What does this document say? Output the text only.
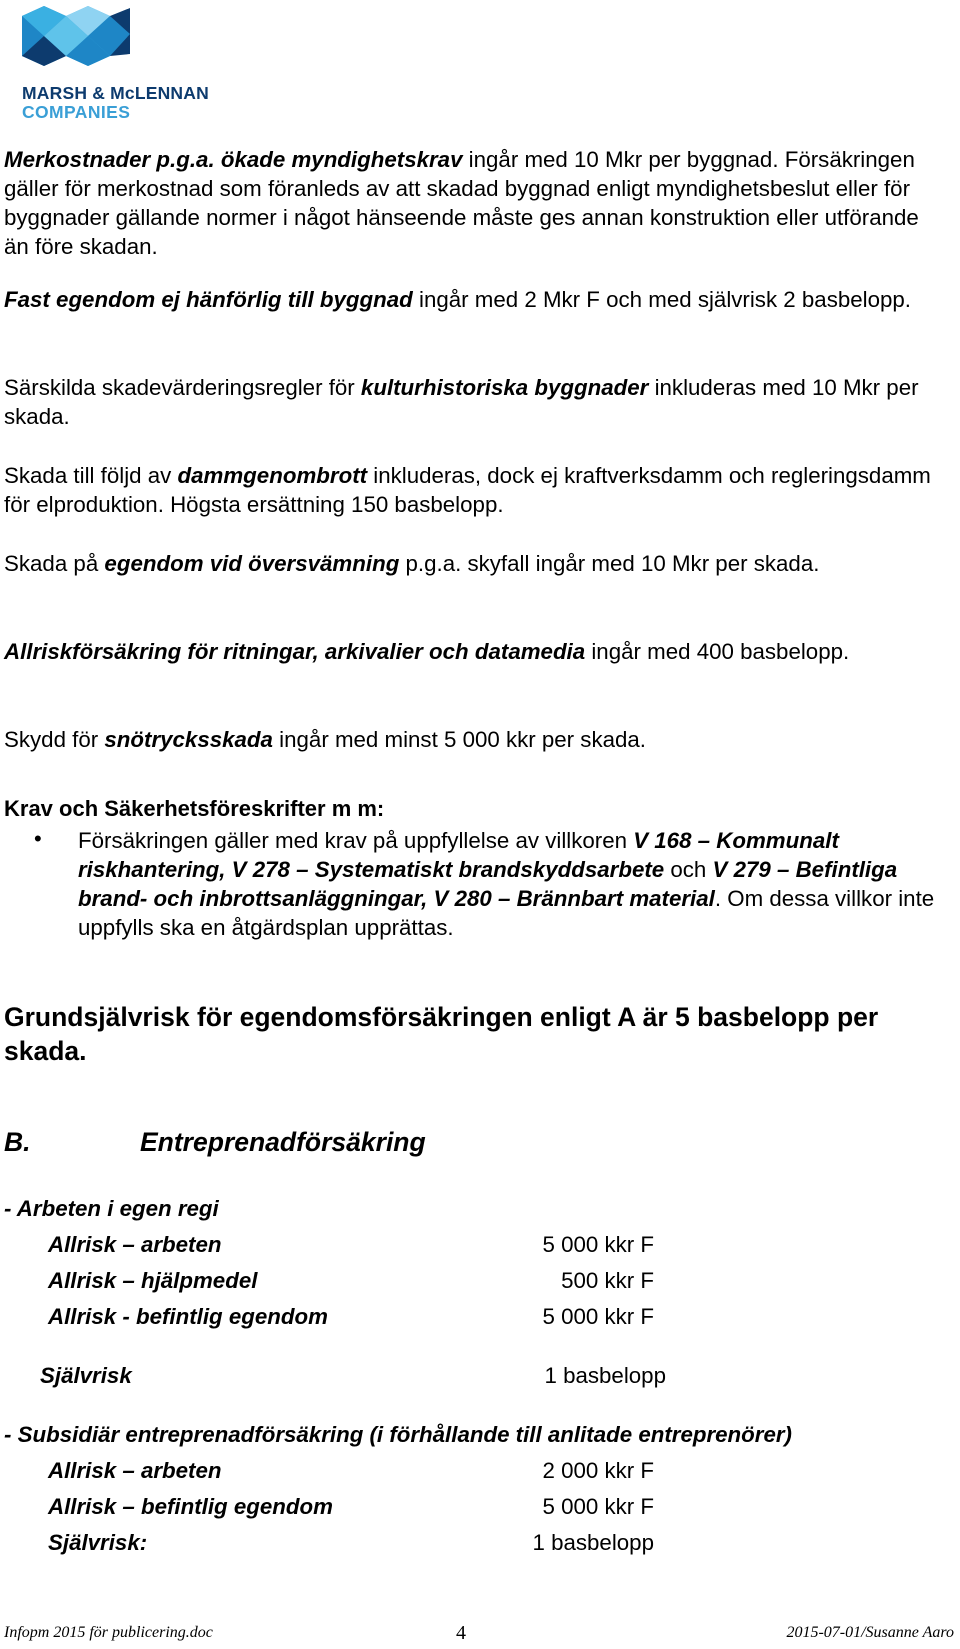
MARSH & McLENNAN
COMPANIES

Merkostnader p.g.a. ökade myndighetskrav ingår med 10 Mkr per byggnad. Försäkringen gäller för merkostnad som föranleds av att skadad byggnad enligt myndighetsbeslut eller för byggnader gällande normer i något hänseende måste ges annan konstruktion eller utförande än före skadan.

Fast egendom ej hänförlig till byggnad ingår med 2 Mkr F och med självrisk 2 basbelopp.

Särskilda skadevärderingsregler för kulturhistoriska byggnader inkluderas med 10 Mkr per skada.

Skada till följd av dammgenombrott inkluderas, dock ej kraftverksdamm och regleringsdamm för elproduktion. Högsta ersättning 150 basbelopp.

Skada på egendom vid översvämning p.g.a. skyfall ingår med 10 Mkr per skada.

Allriskförsäkring för ritningar, arkivalier och datamedia ingår med 400 basbelopp.

Skydd för snötrycksskada ingår med minst 5 000 kkr per skada.

Krav och Säkerhetsföreskrifter m m:
• Försäkringen gäller med krav på uppfyllelse av villkoren V 168 – Kommunalt riskhantering, V 278 – Systematiskt brandskyddsarbete och V 279 – Befintliga brand- och inbrottsanläggningar, V 280 – Brännbart material. Om dessa villkor inte uppfylls ska en åtgärdsplan upprättas.

Grundsjälvrisk för egendomsförsäkringen enligt A är 5 basbelopp per skada.

B.	Entreprenadförsäkring
- Arbeten i egen regi
Allrisk – arbeten	5 000 kkr F
Allrisk – hjälpmedel	500 kkr F
Allrisk - befintlig egendom	5 000 kkr F
Självrisk	1 basbelopp
- Subsidiär entreprenadförsäkring (i förhållande till anlitade entreprenörer)
Allrisk – arbeten	2 000 kkr F
Allrisk – befintlig egendom	5 000 kkr F
Självrisk:	1 basbelopp
Infopm 2015 för publicering.doc	4	2015-07-01/Susanne Aaro
